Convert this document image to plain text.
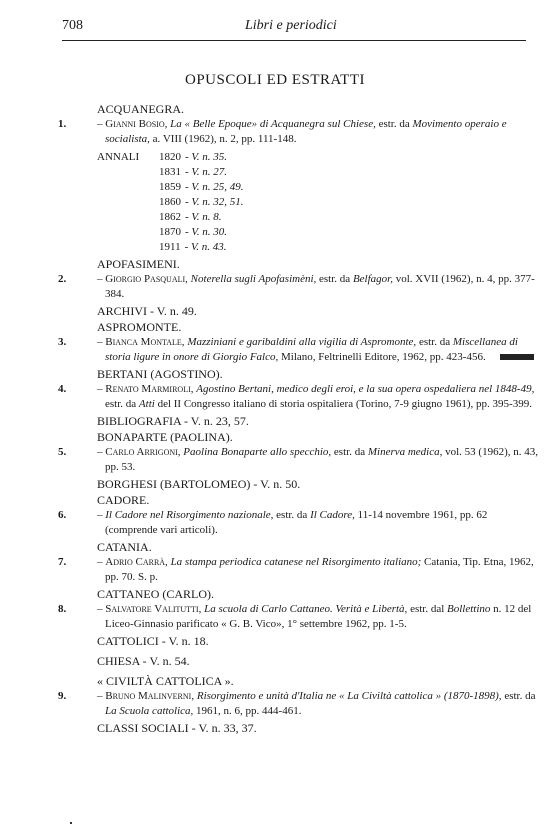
708	Libri e periodici
OPUSCOLI ED ESTRATTI
ACQUANEGRA.
1.	– Gianni Bosio, La « Belle Epoque» di Acquanegra sul Chiese, estr. da Movimento operaio e socialista, a. VIII (1962), n. 2, pp. 111-148.
ANNALI	1820 - V. n. 35.
1831 - V. n. 27.
1859 - V. n. 25, 49.
1860 - V. n. 32, 51.
1862 - V. n. 8.
1870 - V. n. 30.
1911 - V. n. 43.
APOFASIMENI.
2.	– Giorgio Pasquali, Noterella sugli Apofasimèni, estr. da Belfagor, vol. XVII (1962), n. 4, pp. 377-384.
ARCHIVI - V. n. 49.
ASPROMONTE.
3.	– Bianca Montale, Mazziniani e garibaldini alla vigilia di Aspromonte, estr. da Miscellanea di storia ligure in onore di Giorgio Falco, Milano, Feltrinelli Editore, 1962, pp. 423-456.
BERTANI (AGOSTINO).
4.	– Renato Marmiroli, Agostino Bertani, medico degli eroi, e la sua opera ospedaliera nel 1848-49, estr. da Atti del II Congresso italiano di storia ospitaliera (Torino, 7-9 giugno 1961), pp. 395-399.
BIBLIOGRAFIA - V. n. 23, 57.
BONAPARTE (PAOLINA).
5.	– Carlo Arrigoni, Paolina Bonaparte allo specchio, estr. da Minerva medica, vol. 53 (1962), n. 43, pp. 53.
BORGHESI (BARTOLOMEO) - V. n. 50.
CADORE.
6.	– Il Cadore nel Risorgimento nazionale, estr. da Il Cadore, 11-14 novembre 1961, pp. 62 (comprende vari articoli).
CATANIA.
7.	– Adrio Carrà, La stampa periodica catanese nel Risorgimento italiano; Catania, Tip. Etna, 1962, pp. 70. S. p.
CATTANEO (CARLO).
8.	– Salvatore Valitutti, La scuola di Carlo Cattaneo. Verità e Libertà, estr. dal Bollettino n. 12 del Liceo-Ginnasio parificato « G. B. Vico», 1° settembre 1962, pp. 1-5.
CATTOLICI - V. n. 18.
CHIESA - V. n. 54.
« CIVILTÀ CATTOLICA ».
9.	– Bruno Malinverni, Risorgimento e unità d'Italia ne « La Civiltà cattolica » (1870-1898), estr. da La Scuola cattolica, 1961, n. 6, pp. 444-461.
CLASSI SOCIALI - V. n. 33, 37.
